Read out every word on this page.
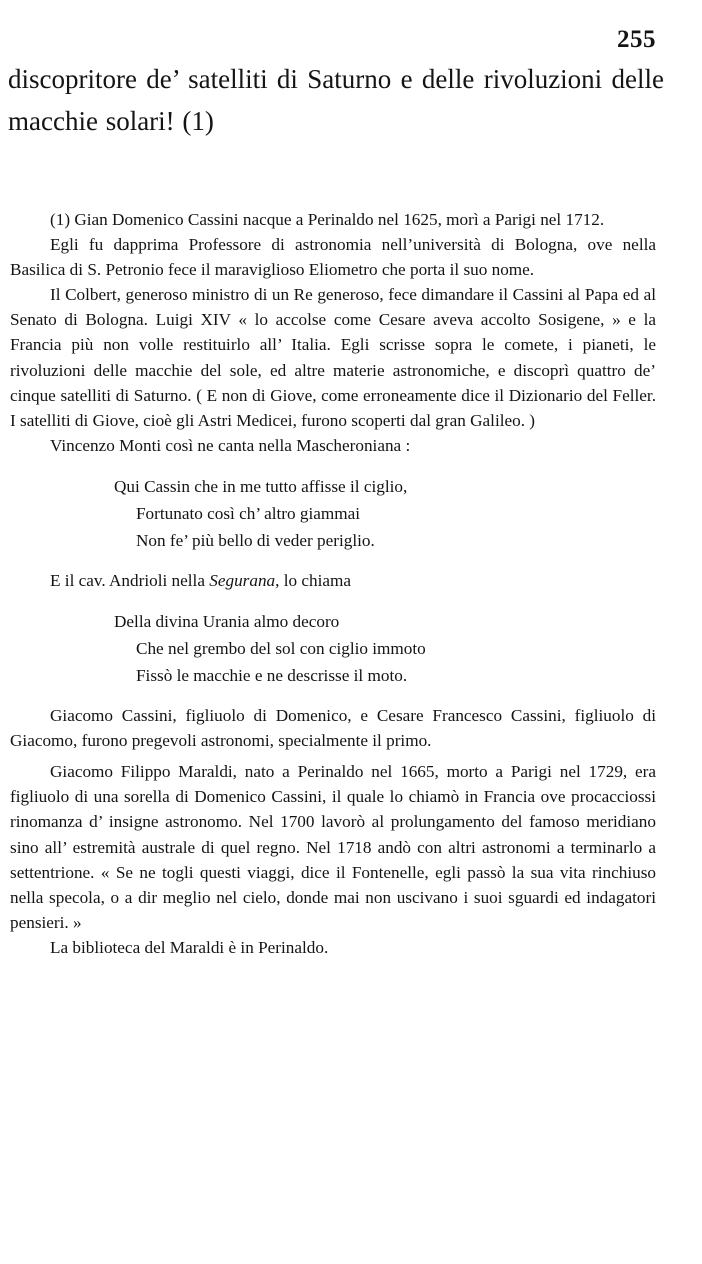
255

discopritore de’ satelliti di Saturno e delle rivoluzioni delle macchie solari! (1)

(1) Gian Domenico Cassini nacque a Perinaldo nel 1625, morì a Parigi nel 1712.

Egli fu dapprima Professore di astronomia nell’università di Bologna, ove nella Basilica di S. Petronio fece il maraviglioso Eliometro che porta il suo nome.

Il Colbert, generoso ministro di un Re generoso, fece dimandare il Cassini al Papa ed al Senato di Bologna. Luigi XIV « lo accolse come Cesare aveva accolto Sosigene, » e la Francia più non volle restituirlo all’ Italia. Egli scrisse sopra le comete, i pianeti, le rivoluzioni delle macchie del sole, ed altre materie astronomiche, e discoprì quattro de’ cinque satelliti di Saturno. ( E non di Giove, come erroneamente dice il Dizionario del Feller. I satelliti di Giove, cioè gli Astri Medicei, furono scoperti dal gran Galileo. )

Vincenzo Monti così ne canta nella Mascheroniana :

Qui Cassin che in me tutto affisse il ciglio,
Fortunato così ch’ altro giammai
Non fe’ più bello di veder periglio.

E il cav. Andrioli nella Segurana, lo chiama

Della divina Urania almo decoro
Che nel grembo del sol con ciglio immoto
Fissò le macchie e ne descrisse il moto.

Giacomo Cassini, figliuolo di Domenico, e Cesare Francesco Cassini, figliuolo di Giacomo, furono pregevoli astronomi, specialmente il primo.

Giacomo Filippo Maraldi, nato a Perinaldo nel 1665, morto a Parigi nel 1729, era figliuolo di una sorella di Domenico Cassini, il quale lo chiamò in Francia ove procacciossi rinomanza d’ insigne astronomo. Nel 1700 lavorò al prolungamento del famoso meridiano sino all’ estremità australe di quel regno. Nel 1718 andò con altri astronomi a terminarlo a settentrione. « Se ne togli questi viaggi, dice il Fontenelle, egli passò la sua vita rinchiuso nella specola, o a dir meglio nel cielo, donde mai non uscivano i suoi sguardi ed indagatori pensieri. »

La biblioteca del Maraldi è in Perinaldo.
